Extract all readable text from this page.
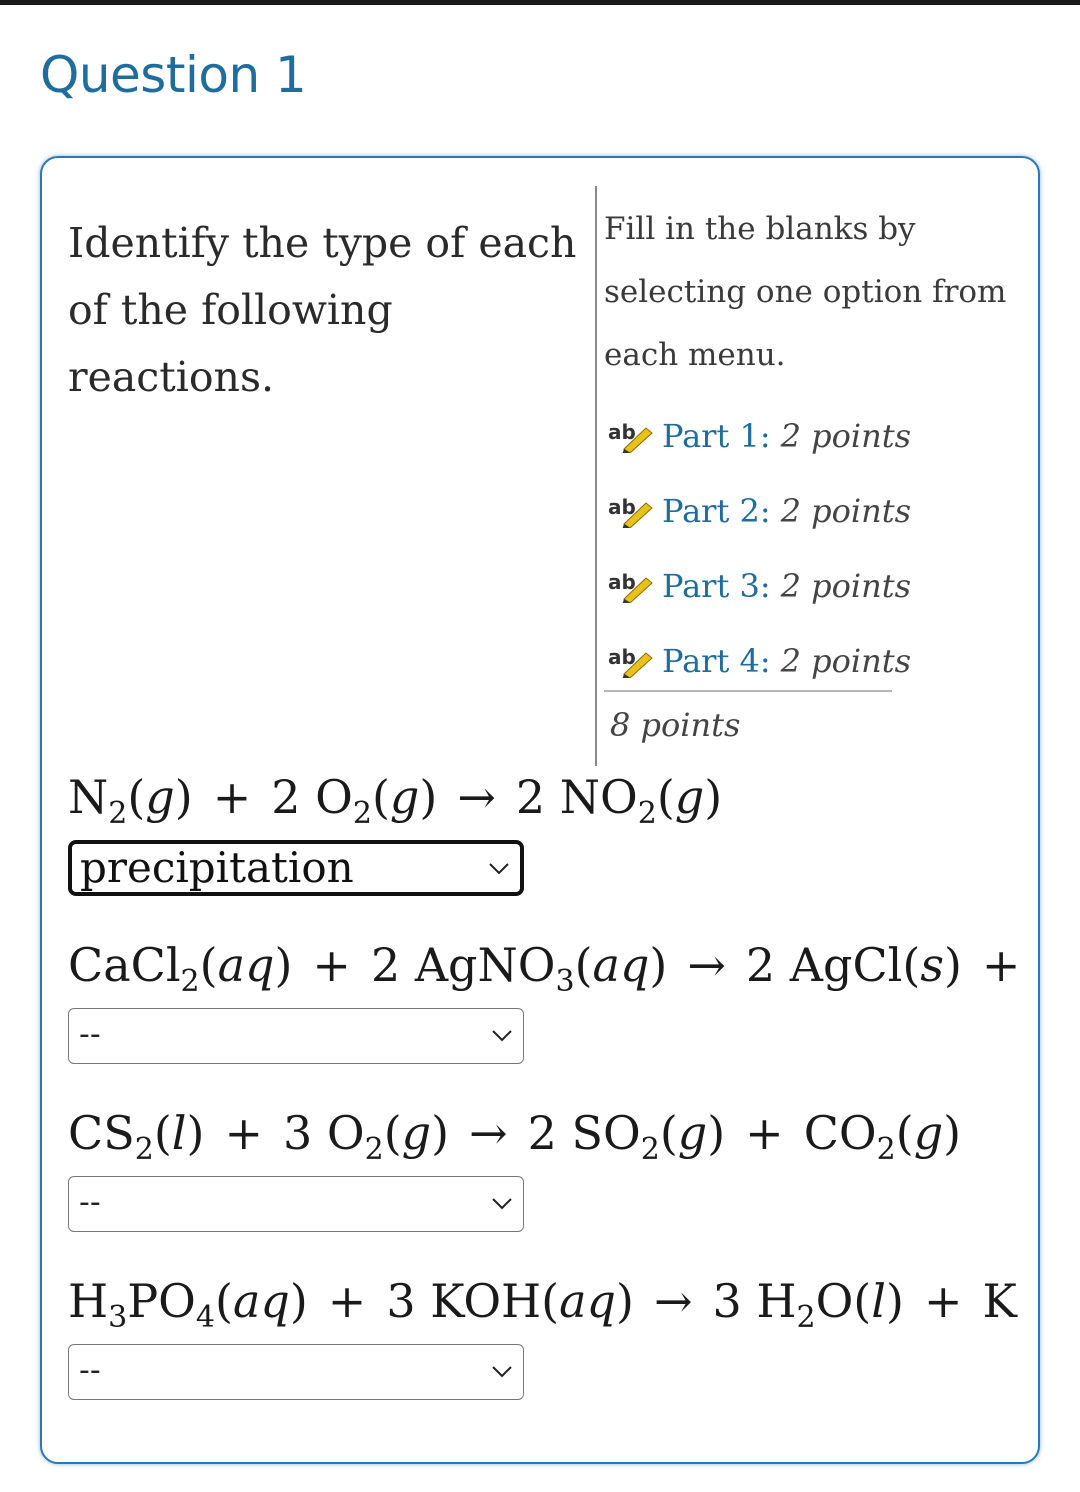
Question 1
Identify the type of each of the following reactions.
Fill in the blanks by selecting one option from each menu.
ab Part 1: 2 points
ab Part 2: 2 points
ab Part 3: 2 points
ab Part 4: 2 points
8 points
$N_2(g) + 2$ $O_2(g) \to 2$ $NO_2(g)$
precipitation
CaCl$_2$(aq) + 2 AgNO$_3$(aq) → 2 AgCl(s) +
--
$CS_2(l) + 3$ $O_2(g) \to 2$ $SO_2(g) + CO_2(g)$
--
$H_3PO_4(aq) + 3$ KOH(aq) → 3 $H_2O(l) + K$
--
